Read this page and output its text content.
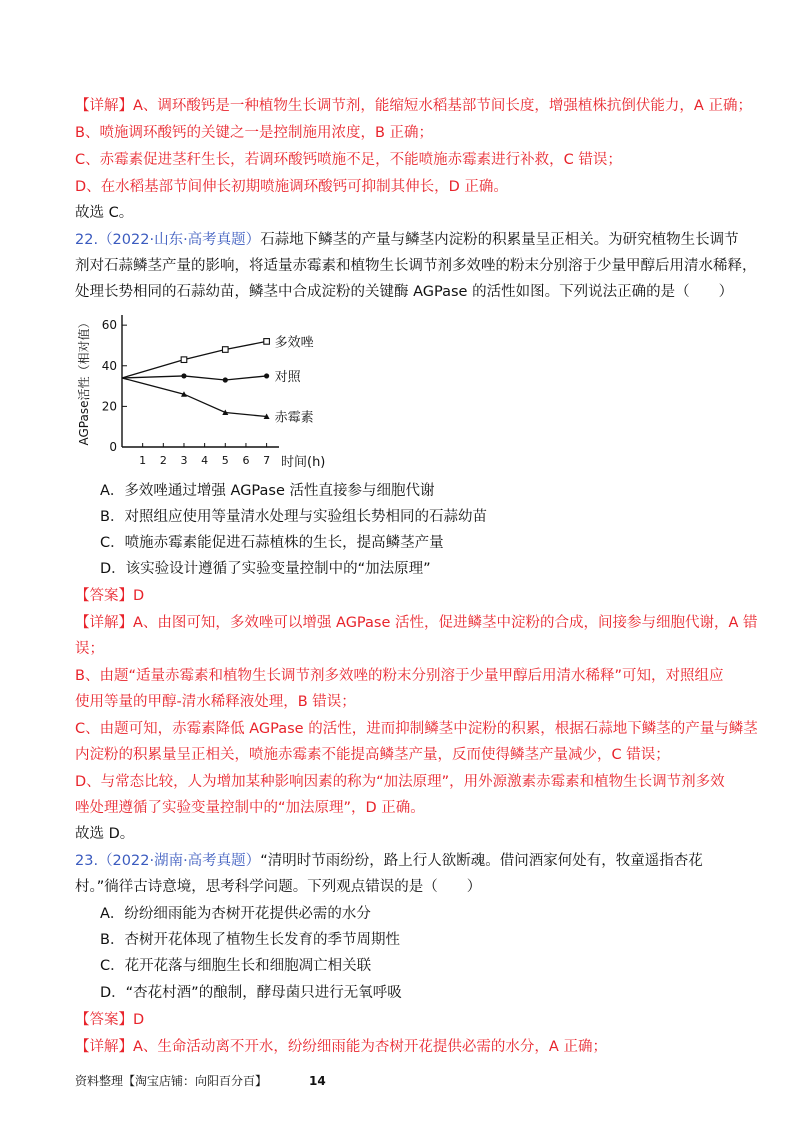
【详解】A、调环酸钙是一种植物生长调节剂，能缩短水稻基部节间长度，增强植株抗倒伏能力，A 正确；
B、喷施调环酸钙的关键之一是控制施用浓度，B 正确；
C、赤霉素促进茎秆生长，若调环酸钙喷施不足，不能喷施赤霉素进行补救，C 错误；
D、在水稻基部节间伸长初期喷施调环酸钙可抑制其伸长，D 正确。
故选 C。
22.（2022·山东·高考真题）石蒜地下鳞茎的产量与鳞茎内淀粉的积累量呈正相关。为研究植物生长调节
剂对石蒜鳞茎产量的影响，将适量赤霉素和植物生长调节剂多效唑的粉末分别溶于少量甲醇后用清水稀释，
处理长势相同的石蒜幼苗，鳞茎中合成淀粉的关键酶 AGPase 的活性如图。下列说法正确的是（　　）
0
20
40
60
1 2 3 4 5 6 7 时间(h)
AGPase活性（相对值）	多效唑
对照
赤霉素
A．多效唑通过增强 AGPase 活性直接参与细胞代谢
B．对照组应使用等量清水处理与实验组长势相同的石蒜幼苗
C．喷施赤霉素能促进石蒜植株的生长，提高鳞茎产量
D．该实验设计遵循了实验变量控制中的“加法原理”
【答案】D
【详解】A、由图可知，多效唑可以增强 AGPase 活性，促进鳞茎中淀粉的合成，间接参与细胞代谢，A 错
误；
B、由题“适量赤霉素和植物生长调节剂多效唑的粉末分别溶于少量甲醇后用清水稀释”可知，对照组应
使用等量的甲醇-清水稀释液处理，B 错误；
C、由题可知，赤霉素降低 AGPase 的活性，进而抑制鳞茎中淀粉的积累，根据石蒜地下鳞茎的产量与鳞茎
内淀粉的积累量呈正相关，喷施赤霉素不能提高鳞茎产量，反而使得鳞茎产量减少，C 错误；
D、与常态比较，人为增加某种影响因素的称为“加法原理”，用外源激素赤霉素和植物生长调节剂多效
唑处理遵循了实验变量控制中的“加法原理”，D 正确。
故选 D。
23.（2022·湖南·高考真题）“清明时节雨纷纷，路上行人欲断魂。借问酒家何处有，牧童遥指杏花
村。”徜徉古诗意境，思考科学问题。下列观点错误的是（　　）
A．纷纷细雨能为杏树开花提供必需的水分
B．杏树开花体现了植物生长发育的季节周期性
C．花开花落与细胞生长和细胞凋亡相关联
D．“杏花村酒”的酿制，酵母菌只进行无氧呼吸
【答案】D
【详解】A、生命活动离不开水，纷纷细雨能为杏树开花提供必需的水分，A 正确；
资料整理【淘宝店铺：向阳百分百】	14
